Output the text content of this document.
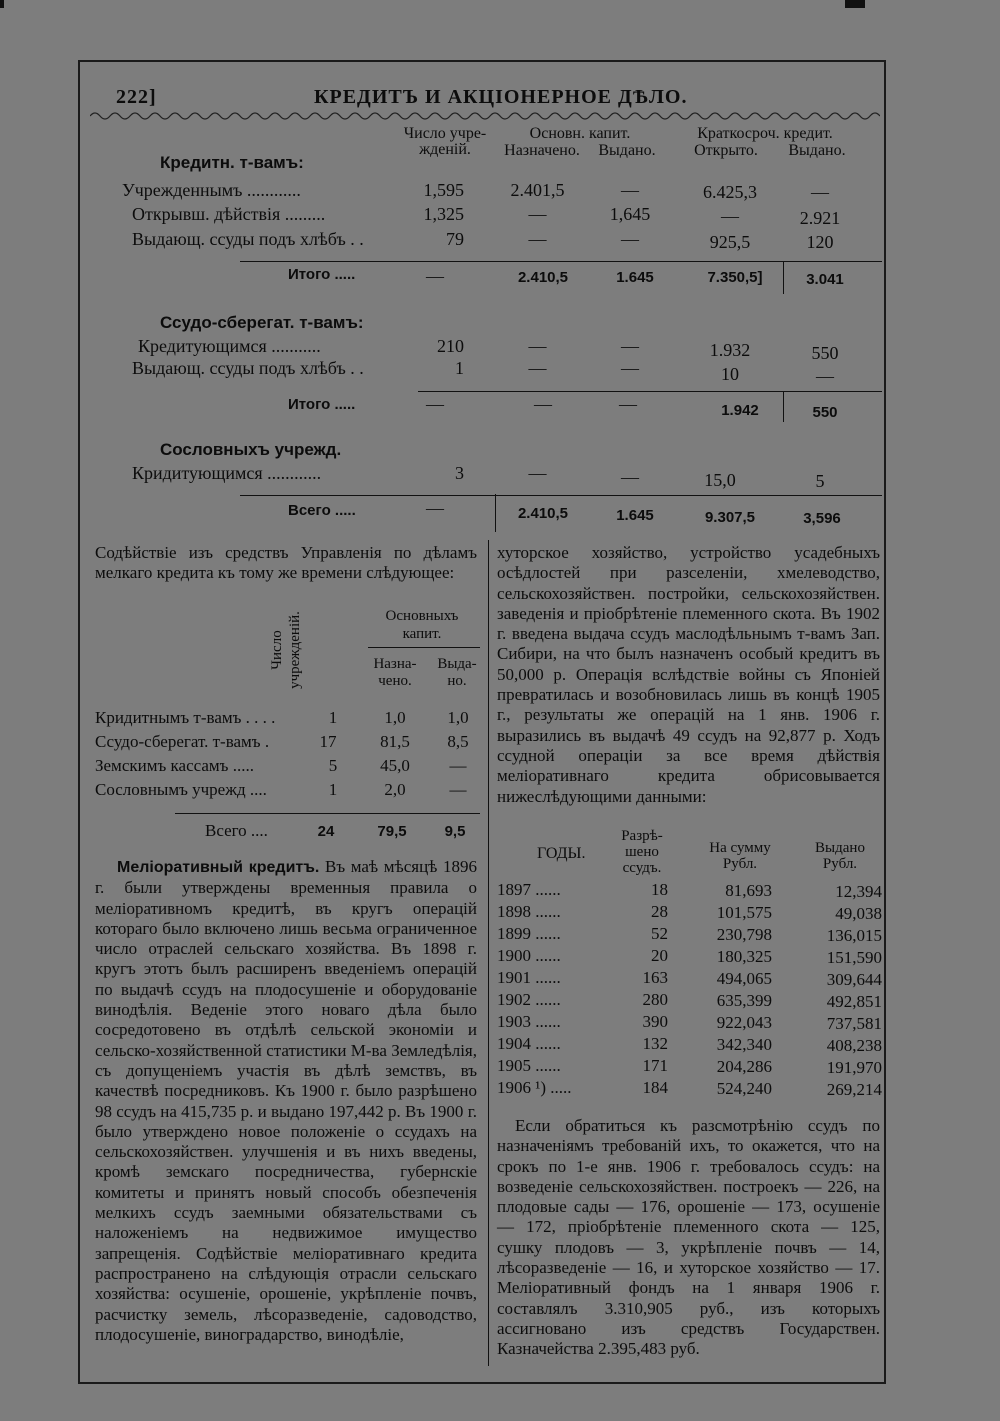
222]	КРЕДИТЪ И АКЦIОНЕРНОЕ ДѢЛО.
Число учре-
жденiй.
Основн. капит.
Назначено.	Выдано.
Краткосроч. кредит.
Открыто.	Выдано.
Кредитн. т-вамъ:
Учрежденнымъ ............	1,595	2.401,5	—	6.425,3	—
Открывш. дѣйствiя .........	1,325	—	1,645	—	2.921
Выдающ. ссуды подъ хлѣбъ . .	79	—	—	925,5	120
Итого .....	—	2.410,5	1.645	7.350,5]	3.041
Ссудо-сберегат. т-вамъ:
Кредитующимся ...........	210	—	—	1.932	550
Выдающ. ссуды подъ хлѣбъ . .	1	—	—	10	—
Итого .....	—	—	—	1.942	550
Сословныхъ учрежд.
Кридитующимся ............	3	—	—	15,0	5
Всего .....	—	2.410,5	1.645	9.307,5	3,596
Содѣйствiе изъ средствъ Управленiя по дѣламъ мелкаго кредита къ тому же времени слѣдующее:
Число учрежденiй.	Основныхъ капит.
Назна-
чено.
Выда-
но.
Кридитнымъ т-вамъ . . . .	1	1,0	1,0
Ссудо-сберегат. т-вамъ .	17	81,5	8,5
Земскимъ кассамъ .....	5	45,0	—
Сословнымъ учрежд ....	1	2,0	—
Всего ....	24	79,5	9,5

Мелiоративный кредитъ. Въ маѣ мѣсяцѣ 1896 г. были утверждены временныя правила о мелiоративномъ кредитѣ, въ кругъ операцiй котораго было включено лишь весьма ограниченное число отраслей сельскаго хозяйства. Въ 1898 г. кругъ этотъ былъ расширенъ введенiемъ операцiй по выдачѣ ссудъ на плодосушенiе и оборудованiе винодѣлiя. Веденiе этого новаго дѣла было сосредотовено въ отдѣлѣ сельской экономiи и сельско-хозяйственной статистики М-ва Земледѣлiя, съ допущенiемъ участiя въ дѣлѣ земствъ, въ качествѣ посредниковъ. Къ 1900 г. было разрѣшено 98 ссудъ на 415,735 р. и выдано 197,442 р. Въ 1900 г. было утверждено новое положенiе о ссудахъ на сельскохозяйствен. улучшенiя и въ нихъ введены, кромѣ земскаго посредничества, губернскiе комитеты и принятъ новый способъ обезпеченiя мелкихъ ссудъ заемными обязательствами съ наложенiемъ на недвижимое имущество запрещенiя. Содѣйствiе мелiоративнаго кредита распространено на слѣдующiя отрасли сельскаго хозяйства: осушенiе, орошенiе, укрѣпленiе почвъ, расчистку земель, лѣсоразведенiе, садоводство, плодосушенiе, виноградарство, винодѣлiе,

хуторское хозяйство, устройство усадебныхъ осѣдлостей при разселенiи, хмелеводство, сельскохозяйствен. постройки, сельскохозяйствен. заведенiя и прiобрѣтенiе племенного скота. Въ 1902 г. введена выдача ссудъ маслодѣльнымъ т-вамъ Зап. Сибири, на что былъ назначенъ особый кредитъ въ 50,000 р. Операцiя вслѣдствiе войны съ Японiей превратилась и возобновилась лишь въ концѣ 1905 г., результаты же операцiй на 1 янв. 1906 г. выразились въ выдачѣ 49 ссудъ на 92,877 р. Ходъ ссудной операцiи за все время дѣйствiя мелiоративнаго кредита обрисовывается нижеслѣдующими данными:
ГОДЫ.
Разрѣ-
шено
ссудъ.
На сумму
Рубл.
Выдано
Рубл.
1897 ......	18	81,693	12,394
1898 ......	28	101,575	49,038
1899 ......	52	230,798	136,015
1900 ......	20	180,325	151,590
1901 ......	163	494,065	309,644
1902 ......	280	635,399	492,851
1903 ......	390	922,043	737,581
1904 ......	132	342,340	408,238
1905 ......	171	204,286	191,970
1906 ¹) .....	184	524,240	269,214

Если обратиться къ разсмотрѣнiю ссудъ по назначенiямъ требованiй ихъ, то окажется, что на срокъ по 1-е янв. 1906 г. требовалось ссудъ: на возведенiе сельскохозяйствен. построекъ — 226, на плодовые сады — 176, орошенiе — 173, осушенiе — 172, прiобрѣтенiе племенного скота — 125, сушку плодовъ — 3, укрѣпленiе почвъ — 14, лѣсоразведенiе — 16, и хуторское хозяйство — 17. Мелiоративный фондъ на 1 января 1906 г. составлялъ 3.310,905 руб., изъ которыхъ ассигновано изъ средствъ Государствен. Казначейства 2.395,483 руб.
